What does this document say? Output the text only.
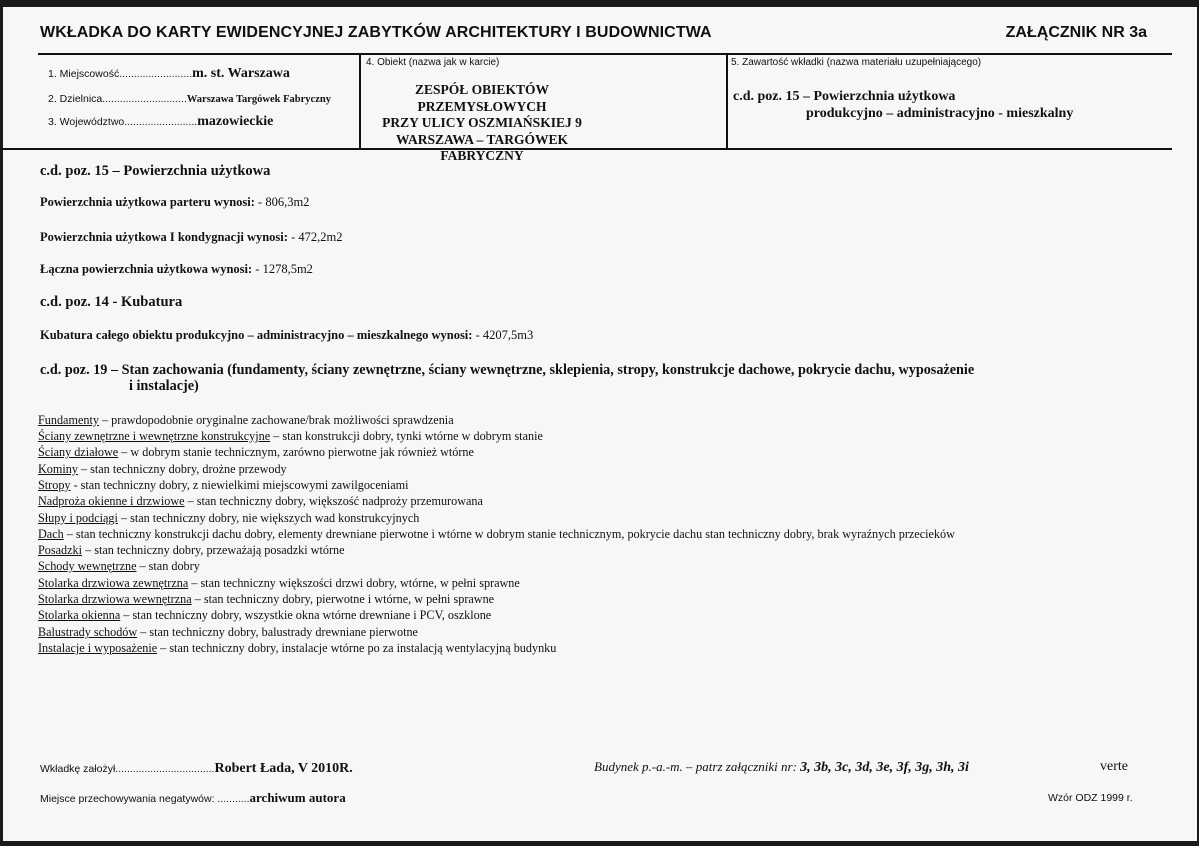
WKŁADKA DO KARTY EWIDENCYJNEJ ZABYTKÓW ARCHITEKTURY I BUDOWNICTWA	ZAŁĄCZNIK NR 3a
1. Miejscowość.........................m. st. Warszawa
2. Dzielnica.............................Warszawa Targówek Fabryczny
3. Województwo.........................mazowieckie
4. Obiekt (nazwa jak w karcie)
ZESPÓŁ OBIEKTÓW PRZEMYSŁOWYCH
PRZY ULICY OSZMIAŃSKIEJ 9
WARSZAWA – TARGÓWEK FABRYCZNY
5. Zawartość wkładki (nazwa materiału uzupełniającego)
c.d. poz. 15 – Powierzchnia użytkowa
produkcyjno – administracyjno - mieszkalny
c.d. poz. 15 – Powierzchnia użytkowa
Powierzchnia użytkowa parteru wynosi: - 806,3m2
Powierzchnia użytkowa I kondygnacji wynosi: - 472,2m2
Łączna powierzchnia użytkowa wynosi: - 1278,5m2
c.d. poz. 14 - Kubatura
Kubatura całego obiektu produkcyjno – administracyjno – mieszkalnego wynosi: - 4207,5m3
c.d. poz. 19 – Stan zachowania (fundamenty, ściany zewnętrzne, ściany wewnętrzne, sklepienia, stropy, konstrukcje dachowe, pokrycie dachu, wyposażenie
i instalacje)
Fundamenty – prawdopodobnie oryginalne zachowane/brak możliwości sprawdzenia
Ściany zewnętrzne i wewnętrzne konstrukcyjne – stan konstrukcji dobry, tynki wtórne w dobrym stanie
Ściany działowe – w dobrym stanie technicznym, zarówno pierwotne jak również wtórne
Kominy – stan techniczny dobry, drożne przewody
Stropy - stan techniczny dobry, z niewielkimi miejscowymi zawilgoceniami
Nadproża okienne i drzwiowe – stan techniczny dobry, większość nadproży przemurowana
Słupy i podciągi – stan techniczny dobry, nie większych wad konstrukcyjnych
Dach – stan techniczny konstrukcji dachu dobry, elementy drewniane pierwotne i wtórne w dobrym stanie technicznym, pokrycie dachu stan techniczny dobry, brak wyraźnych przecieków
Posadzki – stan techniczny dobry, przeważają posadzki wtórne
Schody wewnętrzne – stan dobry
Stolarka drzwiowa zewnętrzna – stan techniczny większości drzwi dobry, wtórne, w pełni sprawne
Stolarka drzwiowa wewnętrzna – stan techniczny dobry, pierwotne i wtórne, w pełni sprawne
Stolarka okienna – stan techniczny dobry, wszystkie okna wtórne drewniane i PCV, oszklone
Balustrady schodów – stan techniczny dobry, balustrady drewniane pierwotne
Instalacje i wyposażenie – stan techniczny dobry, instalacje wtórne po za instalacją wentylacyjną budynku
Wkładkę założył..................................Robert Łada, V 2010R.
Miejsce przechowywania negatywów: ...........archiwum autora
Budynek p.-a.-m. – patrz załączniki nr: 3, 3b, 3c, 3d, 3e, 3f, 3g, 3h, 3i	verte
Wzór ODZ 1999 r.
